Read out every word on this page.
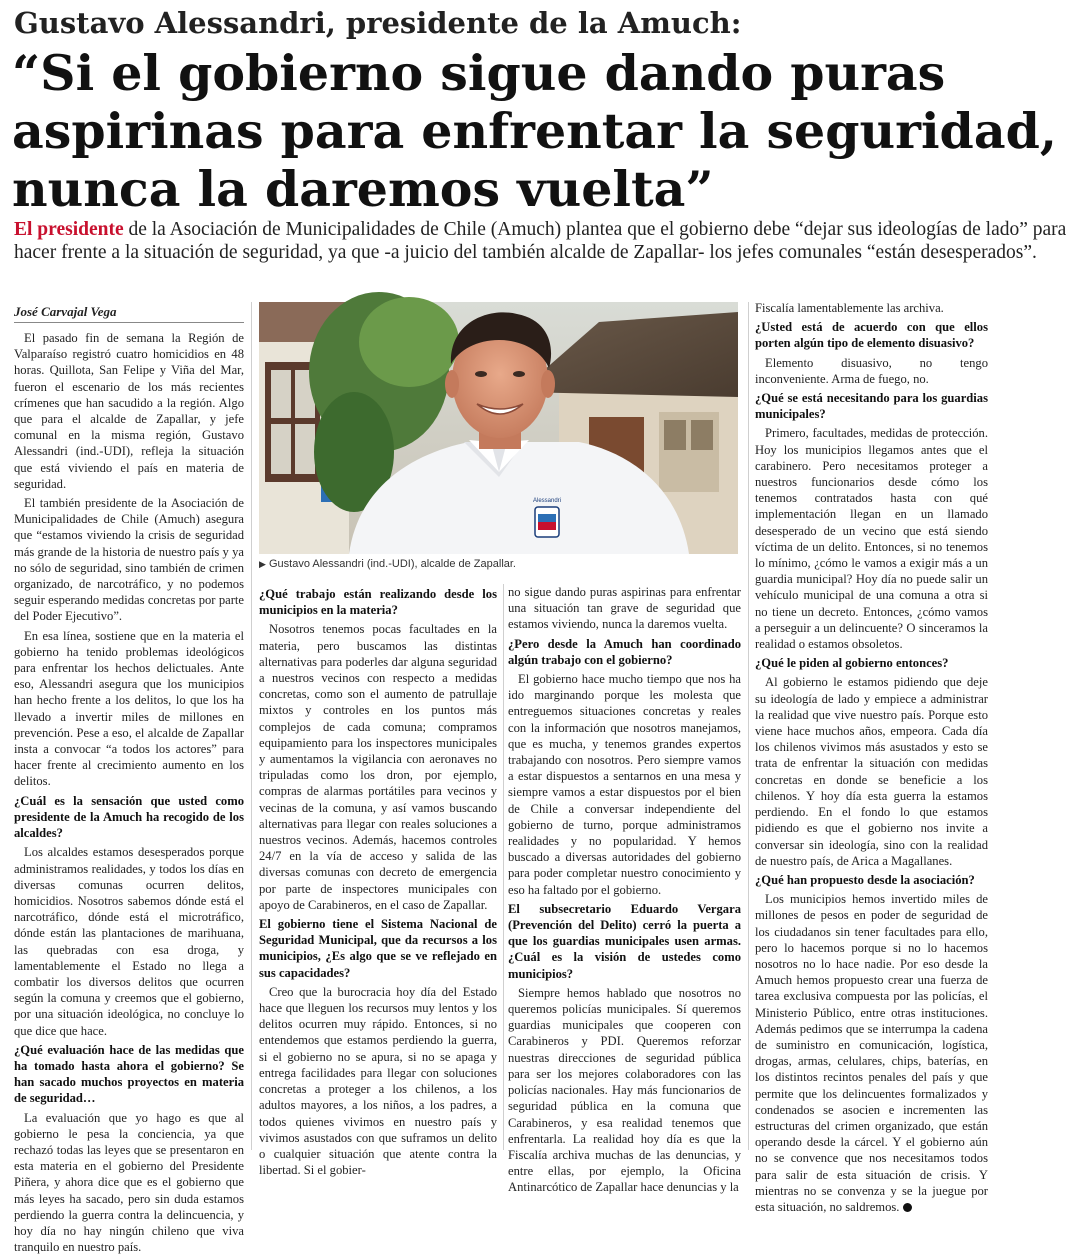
Gustavo Alessandri, presidente de la Amuch:
“Si el gobierno sigue dando puras
aspirinas para enfrentar la seguridad,
nunca la daremos vuelta”
El presidente de la Asociación de Municipalidades de Chile (Amuch) plantea que el gobierno debe “dejar sus ideologías de lado” para
hacer frente a la situación de seguridad, ya que -a juicio del también alcalde de Zapallar- los jefes comunales “están desesperados”.
José Carvajal Vega
Alessandri
▶ Gustavo Alessandri (ind.-UDI), alcalde de Zapallar.

El pasado fin de semana la Región de Valparaíso registró cuatro homicidios en 48 horas. Quillota, San Felipe y Viña del Mar, fueron el escenario de los más recientes crímenes que han sacudido a la región. Algo que para el alcalde de Zapallar, y jefe comunal en la misma región, Gustavo Alessandri (ind.-UDI), refleja la situación que está viviendo el país en materia de seguridad.

El también presidente de la Asociación de Municipalidades de Chile (Amuch) asegura que “estamos viviendo la crisis de seguridad más grande de la historia de nuestro país y ya no sólo de seguridad, sino también de crimen organizado, de narcotráfico, y no podemos seguir esperando medidas concretas por parte del Poder Ejecutivo”.

En esa línea, sostiene que en la materia el gobierno ha tenido problemas ideológicos para enfrentar los hechos delictuales. Ante eso, Alessandri asegura que los municipios han hecho frente a los delitos, lo que los ha llevado a invertir miles de millones en prevención. Pese a eso, el alcalde de Zapallar insta a convocar “a todos los actores” para hacer frente al crecimiento aumento en los delitos.

¿Cuál es la sensación que usted como presidente de la Amuch ha recogido de los alcaldes?

Los alcaldes estamos desesperados porque administramos realidades, y todos los días en diversas comunas ocurren delitos, homicidios. Nosotros sabemos dónde está el narcotráfico, dónde está el microtráfico, dónde están las plantaciones de marihuana, las quebradas con esa droga, y lamentablemente el Estado no llega a combatir los diversos delitos que ocurren según la comuna y creemos que el gobierno, por una situación ideológica, no concluye lo que dice que hace.

¿Qué evaluación hace de las medidas que ha tomado hasta ahora el gobierno? Se han sacado muchos proyectos en materia de seguridad…

La evaluación que yo hago es que al gobierno le pesa la conciencia, ya que rechazó todas las leyes que se presentaron en esta materia en el gobierno del Presidente Piñera, y ahora dice que es el gobierno que más leyes ha sacado, pero sin duda estamos perdiendo la guerra contra la delincuencia, y hoy día no hay ningún chileno que viva tranquilo en nuestro país.

¿Qué trabajo están realizando desde los municipios en la materia?

Nosotros tenemos pocas facultades en la materia, pero buscamos las distintas alternativas para poderles dar alguna seguridad a nuestros vecinos con respecto a medidas concretas, como son el aumento de patrullaje mixtos y controles en los puntos más complejos de cada comuna; compramos equipamiento para los inspectores municipales y aumentamos la vigilancia con aeronaves no tripuladas como los dron, por ejemplo, compras de alarmas portátiles para vecinos y vecinas de la comuna, y así vamos buscando alternativas para llegar con reales soluciones a nuestros vecinos. Además, hacemos controles 24/7 en la vía de acceso y salida de las diversas comunas con decreto de emergencia por parte de inspectores municipales con apoyo de Carabineros, en el caso de Zapallar.

El gobierno tiene el Sistema Nacional de Seguridad Municipal, que da recursos a los municipios, ¿Es algo que se ve reflejado en sus capacidades?

Creo que la burocracia hoy día del Estado hace que lleguen los recursos muy lentos y los delitos ocurren muy rápido. Entonces, si no entendemos que estamos perdiendo la guerra, si el gobierno no se apura, si no se apaga y entrega facilidades para llegar con soluciones concretas a proteger a los chilenos, a los adultos mayores, a los niños, a los padres, a todos quienes vivimos en nuestro país y vivimos asustados con que suframos un delito o cualquier situación que atente contra la libertad. Si el gobier-

no sigue dando puras aspirinas para enfrentar una situación tan grave de seguridad que estamos viviendo, nunca la daremos vuelta.

¿Pero desde la Amuch han coordinado algún trabajo con el gobierno?

El gobierno hace mucho tiempo que nos ha ido marginando porque les molesta que entreguemos situaciones concretas y reales con la información que nosotros manejamos, que es mucha, y tenemos grandes expertos trabajando con nosotros. Pero siempre vamos a estar dispuestos a sentarnos en una mesa y siempre vamos a estar dispuestos por el bien de Chile a conversar independiente del gobierno de turno, porque administramos realidades y no popularidad. Y hemos buscado a diversas autoridades del gobierno para poder completar nuestro conocimiento y eso ha faltado por el gobierno.

El subsecretario Eduardo Vergara (Prevención del Delito) cerró la puerta a que los guardias municipales usen armas. ¿Cuál es la visión de ustedes como municipios?

Siempre hemos hablado que nosotros no queremos policías municipales. Sí queremos guardias municipales que cooperen con Carabineros y PDI. Queremos reforzar nuestras direcciones de seguridad pública para ser los mejores colaboradores con las policías nacionales. Hay más funcionarios de seguridad pública en la comuna que Carabineros, y esa realidad tenemos que enfrentarla. La realidad hoy día es que la Fiscalía archiva muchas de las denuncias, y entre ellas, por ejemplo, la Oficina Antinarcótico de Zapallar hace denuncias y la

Fiscalía lamentablemente las archiva.

¿Usted está de acuerdo con que ellos porten algún tipo de elemento disuasivo?

Elemento disuasivo, no tengo inconveniente. Arma de fuego, no.

¿Qué se está necesitando para los guardias municipales?

Primero, facultades, medidas de protección. Hoy los municipios llegamos antes que el carabinero. Pero necesitamos proteger a nuestros funcionarios desde cómo los tenemos contratados hasta con qué implementación llegan en un llamado desesperado de un vecino que está siendo víctima de un delito. Entonces, si no tenemos lo mínimo, ¿cómo le vamos a exigir más a un guardia municipal? Hoy día no puede salir un vehículo municipal de una comuna a otra si no tiene un decreto. Entonces, ¿cómo vamos a perseguir a un delincuente? O sinceramos la realidad o estamos obsoletos.

¿Qué le piden al gobierno entonces?

Al gobierno le estamos pidiendo que deje su ideología de lado y empiece a administrar la realidad que vive nuestro país. Porque esto viene hace muchos años, empeora. Cada día los chilenos vivimos más asustados y esto se trata de enfrentar la situación con medidas concretas en donde se beneficie a los chilenos. Y hoy día esta guerra la estamos perdiendo. En el fondo lo que estamos pidiendo es que el gobierno nos invite a conversar sin ideología, sino con la realidad de nuestro país, de Arica a Magallanes.

¿Qué han propuesto desde la asociación?

Los municipios hemos invertido miles de millones de pesos en poder de seguridad de los ciudadanos sin tener facultades para ello, pero lo hacemos porque si no lo hacemos nosotros no lo hace nadie. Por eso desde la Amuch hemos propuesto crear una fuerza de tarea exclusiva compuesta por las policías, el Ministerio Público, entre otras instituciones. Además pedimos que se interrumpa la cadena de suministro en comunicación, logística, drogas, armas, celulares, chips, baterías, en los distintos recintos penales del país y que permite que los delincuentes formalizados y condenados se asocien e incrementen las estructuras del crimen organizado, que están operando desde la cárcel. Y el gobierno aún no se convence que nos necesitamos todos para salir de esta situación de crisis. Y mientras no se convenza y se la juegue por esta situación, no saldremos.
